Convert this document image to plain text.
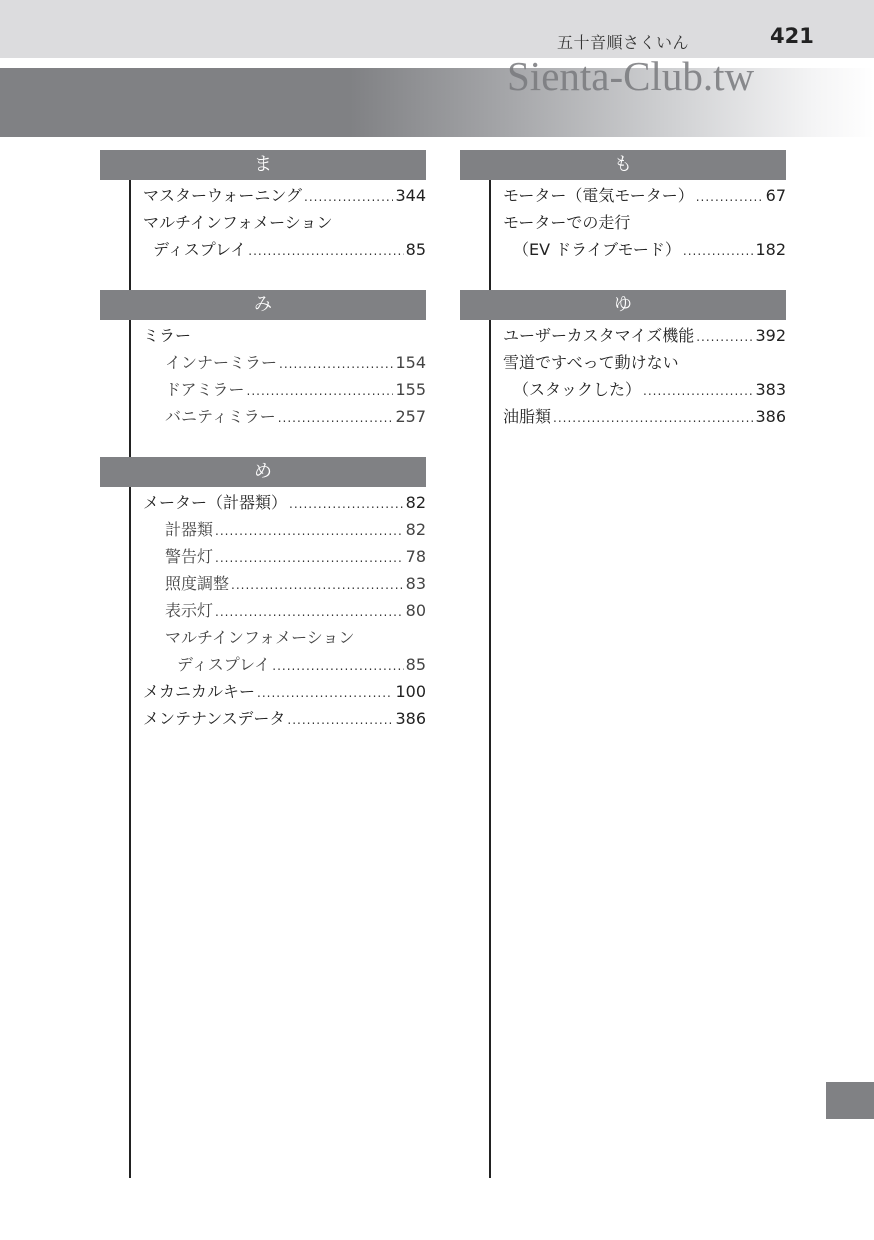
五十音順さくいん	421
Sienta-Club.tw
ま
マスターウォーニング .....	344
マルチインフォメーション
ディスプレイ .....	85
み
ミラー
インナーミラー .....	154
ドアミラー .....	155
バニティミラー .....	257
め
メーター（計器類） .....	82
計器類 .....	82
警告灯 .....	78
照度調整 .....	83
表示灯 .....	80
マルチインフォメーション
ディスプレイ .....	85
メカニカルキー .....	100
メンテナンスデータ .....	386
も
モーター（電気モーター） .....	67
モーターでの走行
（EV ドライブモード） .....	182
ゆ
ユーザーカスタマイズ機能 .....	392
雪道ですべって動けない
（スタックした） .....	383
油脂類 .....	386
